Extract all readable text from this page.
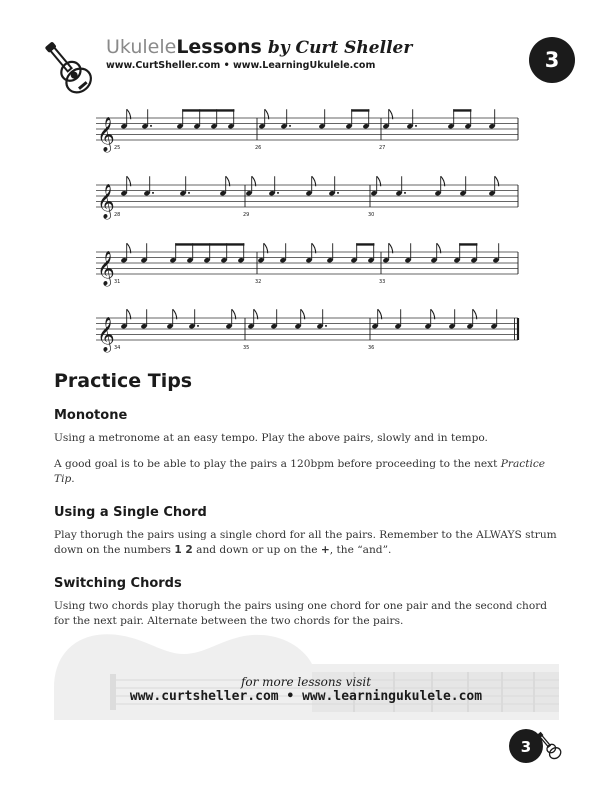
UkuleleLessons by Curt Sheller
www.CurtSheller.com • www.LearningUkulele.com	3
𝄞 25	26	27
𝄞 28	29	30
𝄞 31	32	33
𝄞 34	35	36
Practice Tips
Monotone
Using a metronome at an easy tempo. Play the above pairs, slowly and in tempo.
A good goal is to be able to play the pairs a 120bpm before proceeding to the next Practice Tip.
Using a Single Chord
Play thorugh the pairs using a single chord for all the pairs. Remember to the ALWAYS strum down on the numbers 1 2 and down or up on the +, the “and”.
Switching Chords
Using two chords play thorugh the pairs using one chord for one pair and the second chord for the next pair. Alternate between the two chords for the pairs.
for more lessons visit
www.curtsheller.com • www.learningukulele.com
3
